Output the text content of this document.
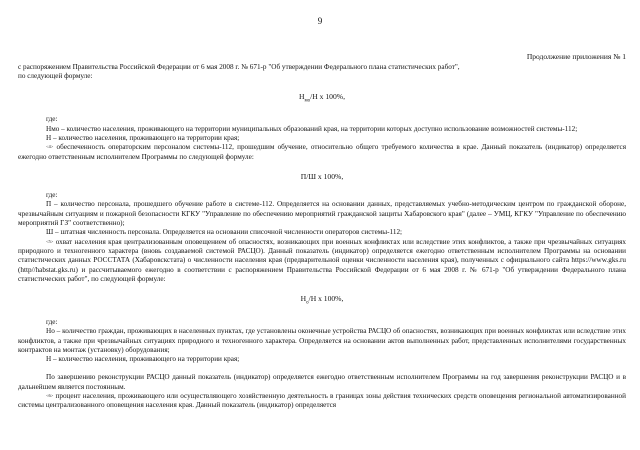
9
Продолжение приложения № 1

с распоряжением Правительства Российской Федерации от 6 мая 2008 г. № 671-р "Об утверждении Федерального плана статистических работ",
по следующей формуле:

$Н_{мо}/Н$ х 100%,

где:

Нмо – количество населения, проживающего на территории муниципальных образований края, на территории которых доступно использование возможностей системы-112;

Н – количество населения, проживающего на территории края;

$^{<4>}$ обеспеченность операторским персоналом системы-112, прошедшим обучение, относительно общего требуемого количества в крае. Данный показатель (индикатор) определяется ежегодно ответственным исполнителем Программы по следующей формуле:

П/Ш х 100%,

где:

П – количество персонала, прошедшего обучение работе в системе-112. Определяется на основании данных, представляемых учебно-методическим центром по гражданской обороне, чрезвычайным ситуациям и пожарной безопасности КГКУ "Управление по обеспечению мероприятий гражданской защиты Хабаровского края" (далее – УМЦ, КГКУ "Управление по обеспечению мероприятий ГЗ" соответственно);

Ш – штатная численность персонала. Определяется на основании списочной численности операторов системы-112;

$^{<5>}$ охват населения края централизованным оповещением об опасностях, возникающих при военных конфликтах или вследствие этих конфликтов, а также при чрезвычайных ситуациях природного и техногенного характера (вновь создаваемой системой РАСЦО). Данный показатель (индикатор) определяется ежегодно ответственным исполнителем Программы на основании статистических данных РОССТАТА (Хабаровскстата) о численности населения края (предварительной оценки численности населения края), полученных с официального сайта https://www.gks.ru (http//habstat.gks.ru) и рассчитываемого ежегодно в соответствии с распоряжением Правительства Российской Федерации от 6 мая 2008 г. № 671-р "Об утверждении Федерального плана статистических работ", по следующей формуле:

$Н_о/Н$ х 100%,

где:

Но – количество граждан, проживающих в населенных пунктах, где установлены оконечные устройства РАСЦО об опасностях, возникающих при военных конфликтах или вследствие этих конфликтов, а также при чрезвычайных ситуациях природного и техногенного характера. Определяется на основании актов выполненных работ, представленных исполнителями государственных контрактов на монтаж (установку) оборудования;

Н – количество населения, проживающего на территории края;

По завершению реконструкции РАСЦО данный показатель (индикатор) определяется ежегодно ответственным исполнителем Программы на год завершения реконструкции РАСЦО и в дальнейшем является постоянным.

$^{<6>}$ процент населения, проживающего или осуществляющего хозяйственную деятельность в границах зоны действия технических средств оповещения региональной автоматизированной системы централизованного оповещения населения края. Данный показатель (индикатор) определяется
